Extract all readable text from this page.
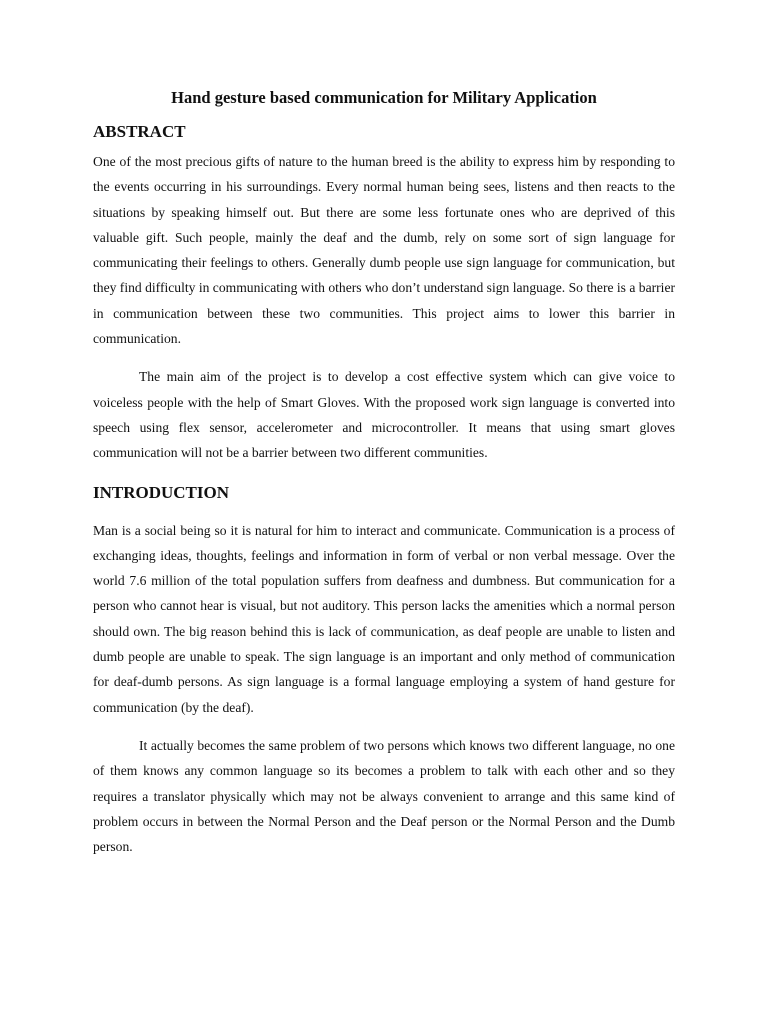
Hand gesture based communication for Military Application
ABSTRACT

One of the most precious gifts of nature to the human breed is the ability to express him by responding to the events occurring in his surroundings. Every normal human being sees, listens and then reacts to the situations by speaking himself out. But there are some less fortunate ones who are deprived of this valuable gift. Such people, mainly the deaf and the dumb, rely on some sort of sign language for communicating their feelings to others. Generally dumb people use sign language for communication, but they find difficulty in communicating with others who don’t understand sign language. So there is a barrier in communication between these two communities. This project aims to lower this barrier in communication.

The main aim of the project is to develop a cost effective system which can give voice to voiceless people with the help of Smart Gloves. With the proposed work sign language is converted into speech using flex sensor, accelerometer and microcontroller. It means that using smart gloves communication will not be a barrier between two different communities.

INTRODUCTION

Man is a social being so it is natural for him to interact and communicate. Communication is a process of exchanging ideas, thoughts, feelings and information in form of verbal or non verbal message. Over the world 7.6 million of the total population suffers from deafness and dumbness. But communication for a person who cannot hear is visual, but not auditory. This person lacks the amenities which a normal person should own. The big reason behind this is lack of communication, as deaf people are unable to listen and dumb people are unable to speak. The sign language is an important and only method of communication for deaf-dumb persons. As sign language is a formal language employing a system of hand gesture for communication (by the deaf).

It actually becomes the same problem of two persons which knows two different language, no one of them knows any common language so its becomes a problem to talk with each other and so they requires a translator physically which may not be always convenient to arrange and this same kind of problem occurs in between the Normal Person and the Deaf person or the Normal Person and the Dumb person.
